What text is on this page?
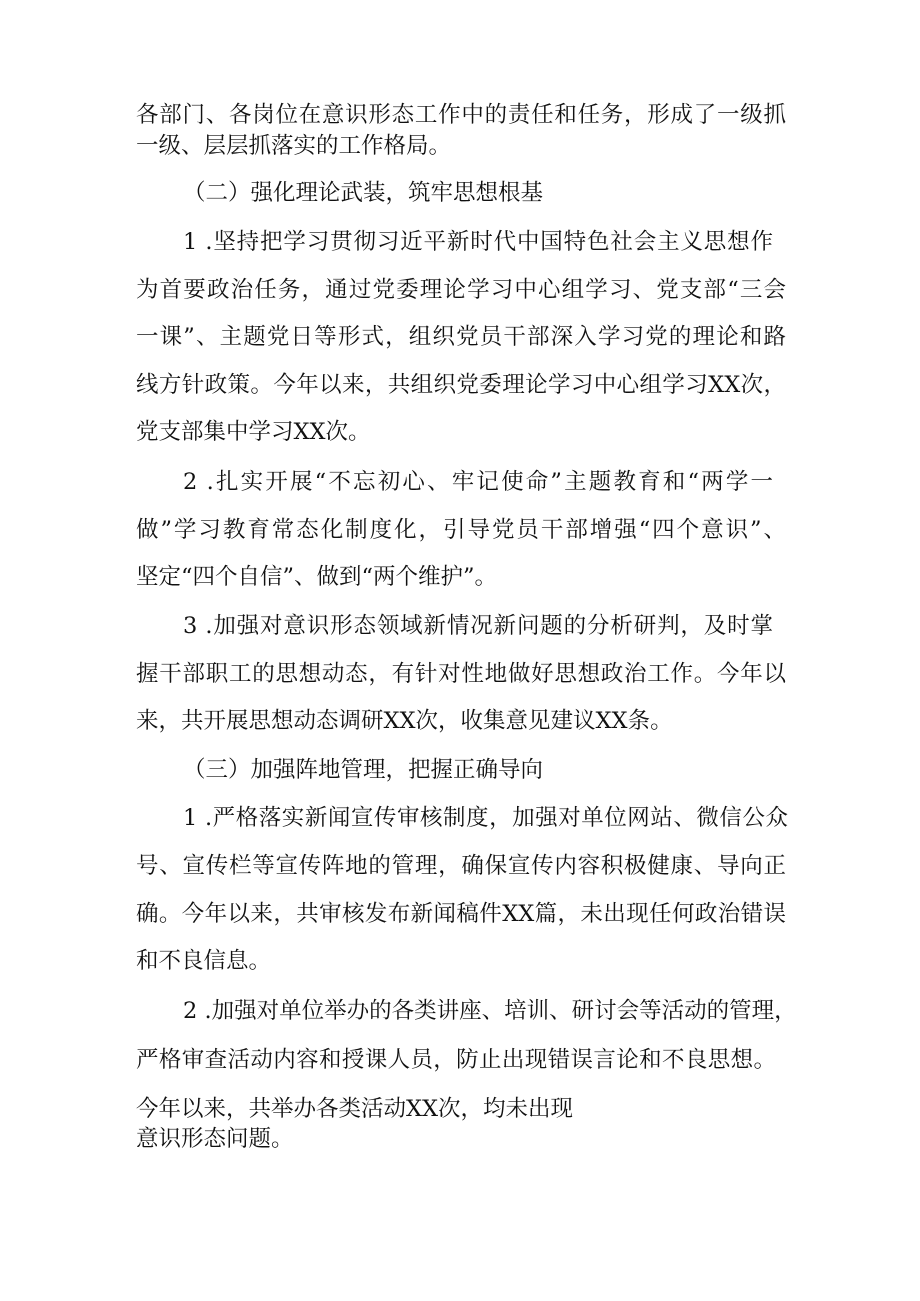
各部门、各岗位在意识形态工作中的责任和任务，形成了一级抓
一级、层层抓落实的工作格局。
（二）强化理论武装，筑牢思想根基
1 .坚持把学习贯彻习近平新时代中国特色社会主义思想作
为首要政治任务，通过党委理论学习中心组学习、党支部“三会
一课”、主题党日等形式，组织党员干部深入学习党的理论和路
线方针政策。今年以来，共组织党委理论学习中心组学习XX次，
党支部集中学习XX次。
2 .扎实开展“不忘初心、牢记使命”主题教育和“两学一
做”学习教育常态化制度化，引导党员干部增强“四个意识”、
坚定“四个自信”、做到“两个维护”。
3 .加强对意识形态领域新情况新问题的分析研判，及时掌
握干部职工的思想动态，有针对性地做好思想政治工作。今年以
来，共开展思想动态调研XX次，收集意见建议XX条。
（三）加强阵地管理，把握正确导向
1 .严格落实新闻宣传审核制度，加强对单位网站、微信公众
号、宣传栏等宣传阵地的管理，确保宣传内容积极健康、导向正
确。今年以来，共审核发布新闻稿件XX篇，未出现任何政治错误
和不良信息。
2 .加强对单位举办的各类讲座、培训、研讨会等活动的管理，
严格审查活动内容和授课人员，防止出现错误言论和不良思想。
今年以来，共举办各类活动XX次，均未出现
意识形态问题。
